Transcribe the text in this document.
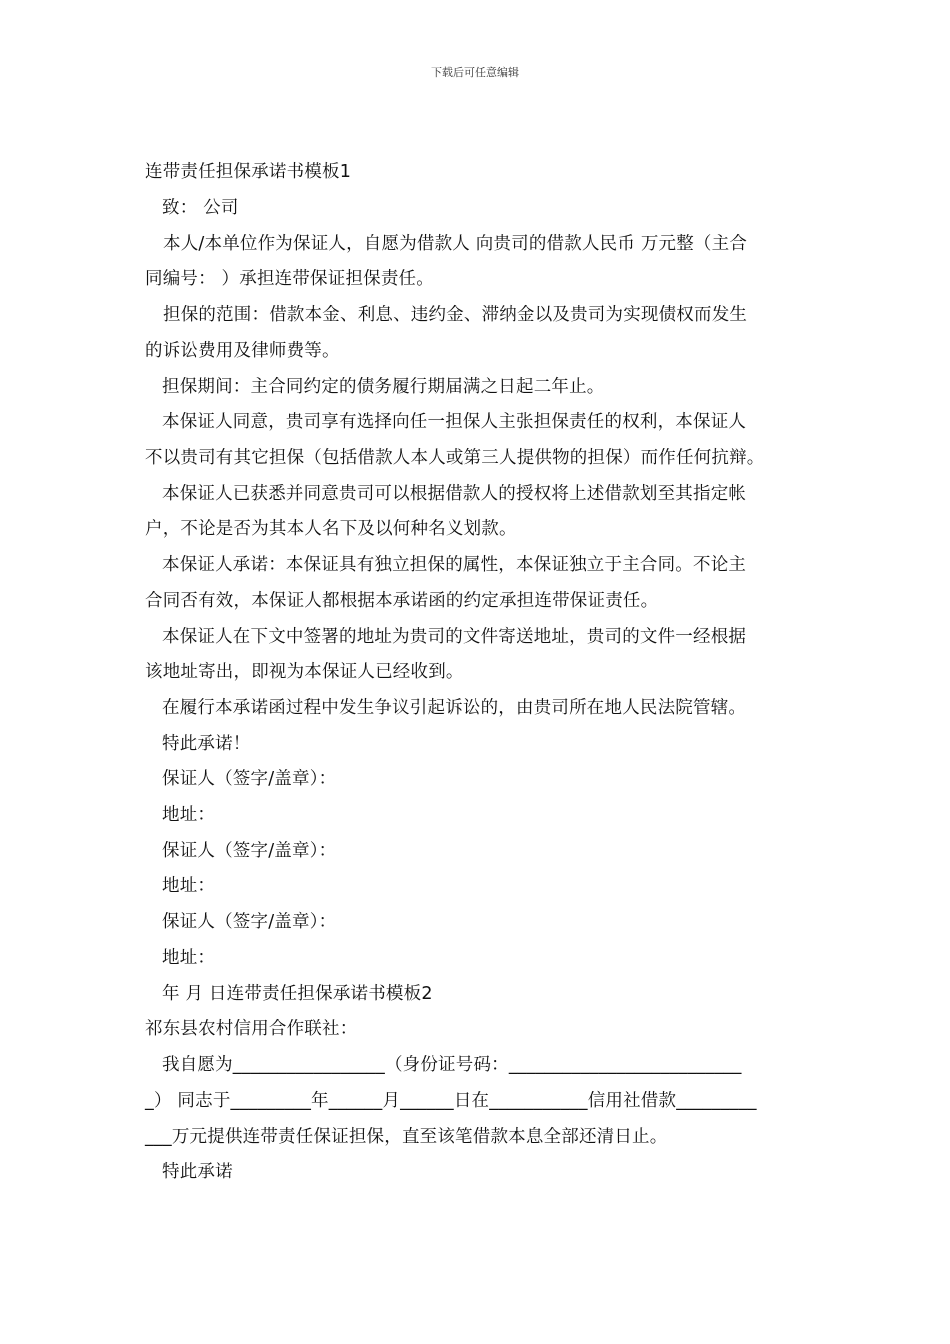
下载后可任意编辑
连带责任担保承诺书模板1
致： 公司
本人/本单位作为保证人，自愿为借款人 向贵司的借款人民币 万元整（主合
同编号： ）承担连带保证担保责任。
担保的范围：借款本金、利息、违约金、滞纳金以及贵司为实现债权而发生
的诉讼费用及律师费等。
担保期间：主合同约定的债务履行期届满之日起二年止。
本保证人同意，贵司享有选择向任一担保人主张担保责任的权利，本保证人
不以贵司有其它担保（包括借款人本人或第三人提供物的担保）而作任何抗辩。
本保证人已获悉并同意贵司可以根据借款人的授权将上述借款划至其指定帐
户，不论是否为其本人名下及以何种名义划款。
本保证人承诺：本保证具有独立担保的属性，本保证独立于主合同。不论主
合同否有效，本保证人都根据本承诺函的约定承担连带保证责任。
本保证人在下文中签署的地址为贵司的文件寄送地址，贵司的文件一经根据
该地址寄出，即视为本保证人已经收到。
在履行本承诺函过程中发生争议引起诉讼的，由贵司所在地人民法院管辖。
特此承诺！
保证人（签字/盖章）：
地址：
保证人（签字/盖章）：
地址：
保证人（签字/盖章）：
地址：
年 月 日连带责任担保承诺书模板2
祁东县农村信用合作联社：
我自愿为_________________（身份证号码：__________________________
_） 同志于_________年______月______日在___________信用社借款_________
___万元提供连带责任保证担保，直至该笔借款本息全部还清日止。
特此承诺
